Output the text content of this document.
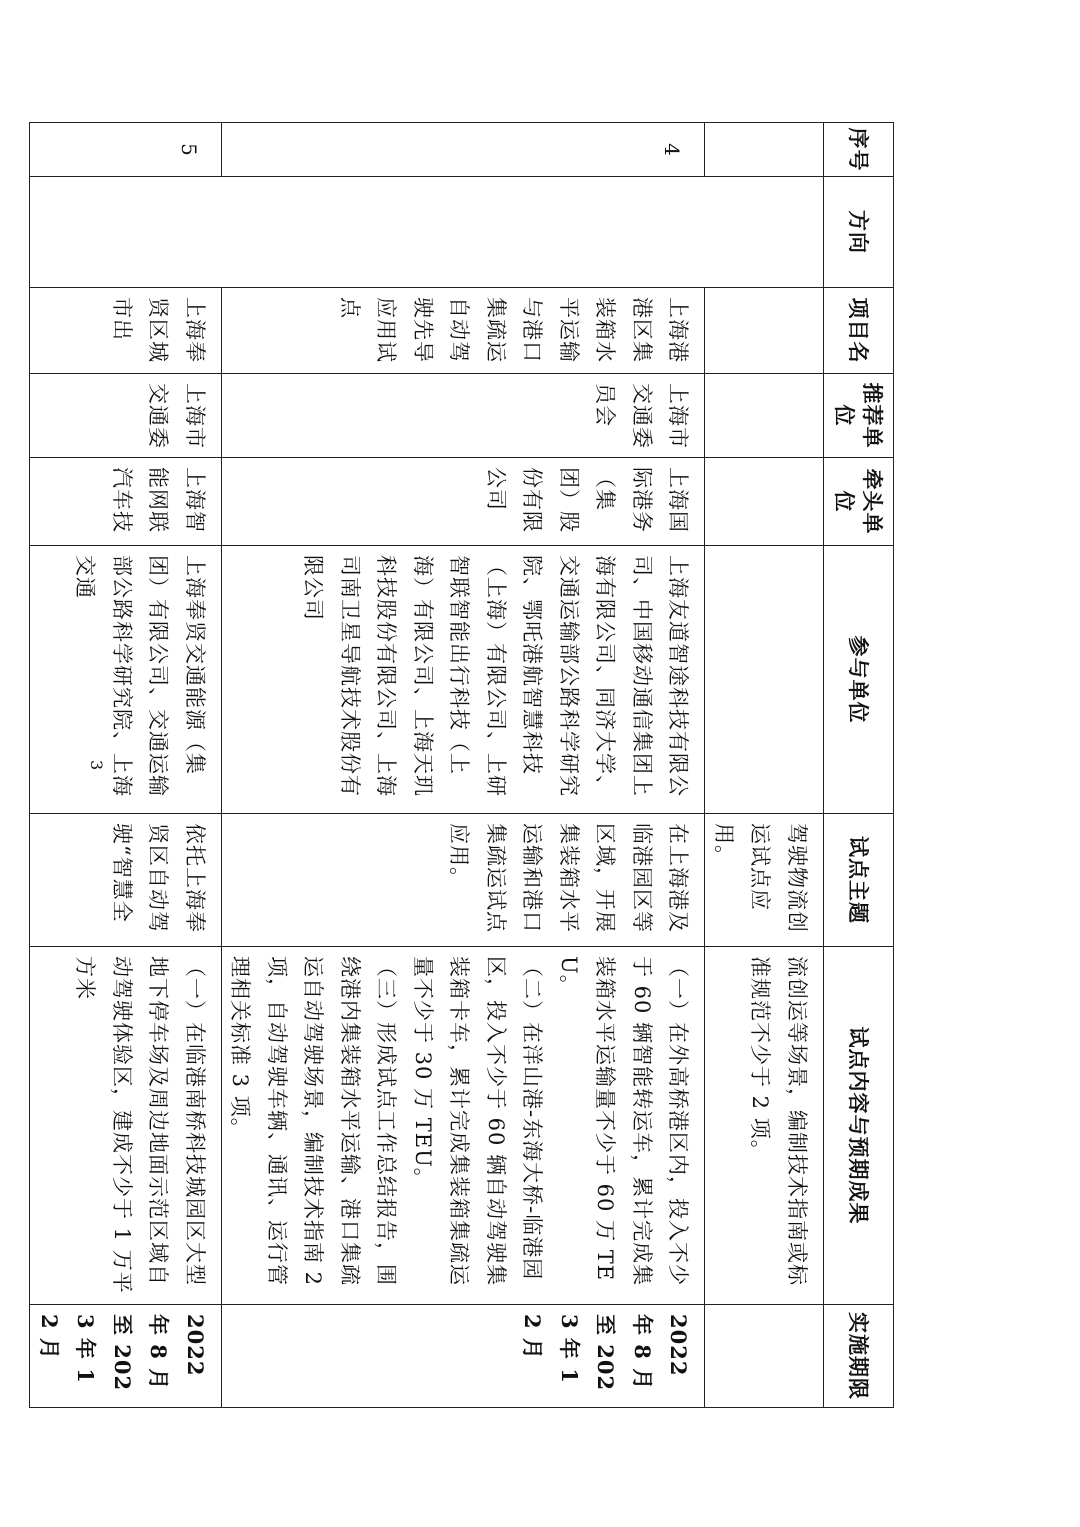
序号	方向	项目名	推荐单位	牵头单位	参与单位	试点主题	试点内容与预期成果	实施期限
						驾驶物流创运试点应用。	流创运等场景，编制技术指南或标准规范不少于 2 项。	
4		上海港港区集装箱水平运输与港口集疏运自动驾驶先导应用试点	上海市交通委员会	上海国际港务（集团）股份有限公司	上海友道智途科技有限公司、中国移动通信集团上海有限公司、同济大学、交通运输部公路科学研究院、鄂吒港航智慧科技（上海）有限公司、上研智联智能出行科技（上海）有限公司、上海天玑科技股份有限公司、上海司南卫星导航技术股份有限公司	在上海港及临港园区等区域，开展集装箱水平运输和港口集疏运试点应用。	（一）在外高桥港区内，投入不少于 60 辆智能转运车，累计完成集装箱水平运输量不少于 60 万 TEU。
（二）在洋山港-东海大桥-临港园区，投入不少于 60 辆自动驾驶集装箱卡车，累计完成集装箱集疏运量不少于 30 万 TEU。
（三）形成试点工作总结报告，围绕港内集装箱水平运输、港口集疏运自动驾驶场景，编制技术指南 2 项，自动驾驶车辆、通讯、运行管理相关标准 3 项。	2022 年 8 月至 2023 年 12 月
5		上海奉贤区城市出	上海市交通委	上海智能网联汽车技	上海奉贤交通能源（集团）有限公司、交通运输部公路科学研究院、上海交通	依托上海奉贤区自动驾驶“智慧全	（一）在临港南桥科技城园区大型地下停车场及周边地面示范区域自动驾驶体验区，建成不少于 1 万平方米	2022 年 8 月至 2023 年 12 月
3
